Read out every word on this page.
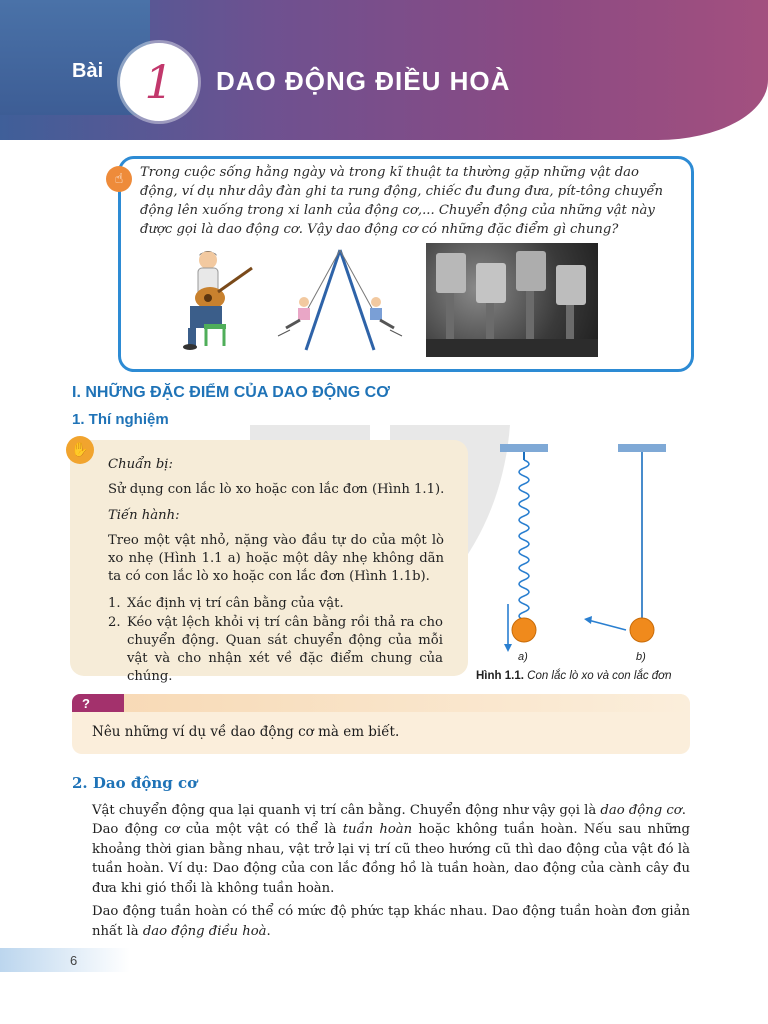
Bài 1 DAO ĐỘNG ĐIỀU HOÀ
☝	Trong cuộc sống hằng ngày và trong kĩ thuật ta thường gặp những vật dao động, ví dụ như dây đàn ghi ta rung động, chiếc đu đung đưa, pít-tông chuyển động lên xuống trong xi lanh của động cơ,... Chuyển động của những vật này được gọi là dao động cơ. Vậy dao động cơ có những đặc điểm gì chung?
I. NHỮNG ĐẶC ĐIỂM CỦA DAO ĐỘNG CƠ
1. Thí nghiệm
✋
Chuẩn bị:
Sử dụng con lắc lò xo hoặc con lắc đơn (Hình 1.1).
Tiến hành:
Treo một vật nhỏ, nặng vào đầu tự do của một lò xo nhẹ (Hình 1.1 a) hoặc một dây nhẹ không dãn ta có con lắc lò xo hoặc con lắc đơn (Hình 1.1b).
1. Xác định vị trí cân bằng của vật.
2. Kéo vật lệch khỏi vị trí cân bằng rồi thả ra cho chuyển động. Quan sát chuyển động của mỗi vật và cho nhận xét về đặc điểm chung của chúng.
a)	b)
Hình 1.1. Con lắc lò xo và con lắc đơn
?
Nêu những ví dụ về dao động cơ mà em biết.
2. Dao động cơ
Vật chuyển động qua lại quanh vị trí cân bằng. Chuyển động như vậy gọi là dao động cơ.
Dao động cơ của một vật có thể là tuần hoàn hoặc không tuần hoàn. Nếu sau những khoảng thời gian bằng nhau, vật trở lại vị trí cũ theo hướng cũ thì dao động của vật đó là tuần hoàn. Ví dụ: Dao động của con lắc đồng hồ là tuần hoàn, dao động của cành cây đu đưa khi gió thổi là không tuần hoàn.
Dao động tuần hoàn có thể có mức độ phức tạp khác nhau. Dao động tuần hoàn đơn giản nhất là dao động điều hoà.
6
